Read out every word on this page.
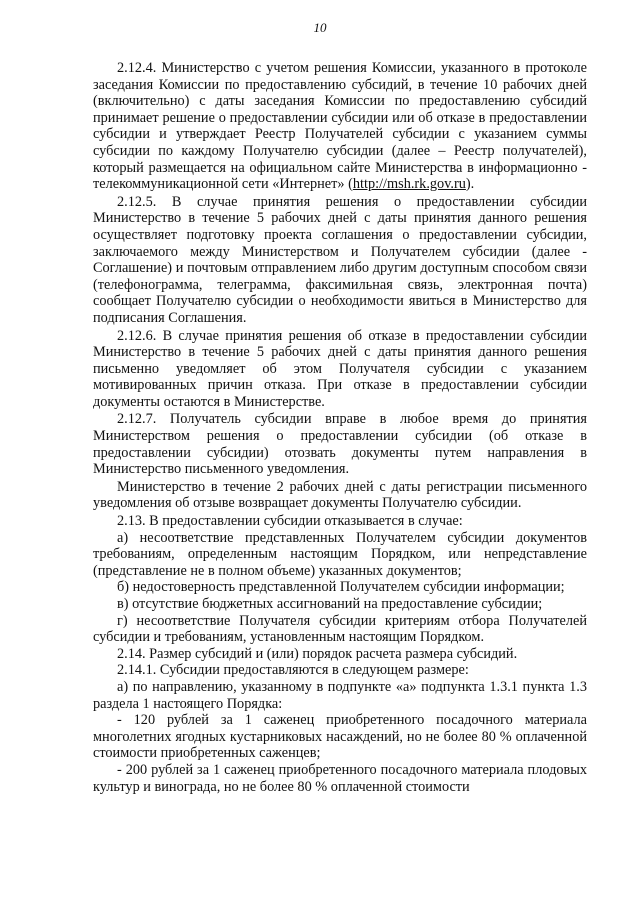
10

2.12.4. Министерство с учетом решения Комиссии, указанного в протоколе заседания Комиссии по предоставлению субсидий, в течение 10 рабочих дней (включительно) с даты заседания Комиссии по предоставлению субсидий принимает решение о предоставлении субсидии или об отказе в предоставлении субсидии и утверждает Реестр Получателей субсидии с указанием суммы субсидии по каждому Получателю субсидии (далее – Реестр получателей), который размещается на официальном сайте Министерства в информационно - телекоммуникационной сети «Интернет» (http://msh.rk.gov.ru).

2.12.5. В случае принятия решения о предоставлении субсидии Министерство в течение 5 рабочих дней с даты принятия данного решения осуществляет подготовку проекта соглашения о предоставлении субсидии, заключаемого между Министерством и Получателем субсидии (далее - Соглашение) и почтовым отправлением либо другим доступным способом связи (телефонограмма, телеграмма, факсимильная связь, электронная почта) сообщает Получателю субсидии о необходимости явиться в Министерство для подписания Соглашения.

2.12.6. В случае принятия решения об отказе в предоставлении субсидии Министерство в течение 5 рабочих дней с даты принятия данного решения письменно уведомляет об этом Получателя субсидии с указанием мотивированных причин отказа. При отказе в предоставлении субсидии документы остаются в Министерстве.

2.12.7. Получатель субсидии вправе в любое время до принятия Министерством решения о предоставлении субсидии (об отказе в предоставлении субсидии) отозвать документы путем направления в Министерство письменного уведомления.

Министерство в течение 2 рабочих дней с даты регистрации письменного уведомления об отзыве возвращает документы Получателю субсидии.

2.13. В предоставлении субсидии отказывается в случае:

а) несоответствие представленных Получателем субсидии документов требованиям, определенным настоящим Порядком, или непредставление (представление не в полном объеме) указанных документов;

б) недостоверность представленной Получателем субсидии информации;

в) отсутствие бюджетных ассигнований на предоставление субсидии;

г) несоответствие Получателя субсидии критериям отбора Получателей субсидии и требованиям, установленным настоящим Порядком.

2.14. Размер субсидий и (или) порядок расчета размера субсидий.

2.14.1. Субсидии предоставляются в следующем размере:

а) по направлению, указанному в подпункте «а» подпункта 1.3.1 пункта 1.3 раздела 1 настоящего Порядка:

- 120 рублей за 1 саженец приобретенного посадочного материала многолетних ягодных кустарниковых насаждений, но не более 80 % оплаченной стоимости приобретенных саженцев;

- 200 рублей за 1 саженец приобретенного посадочного материала плодовых культур и винограда, но не более 80 % оплаченной стоимости
